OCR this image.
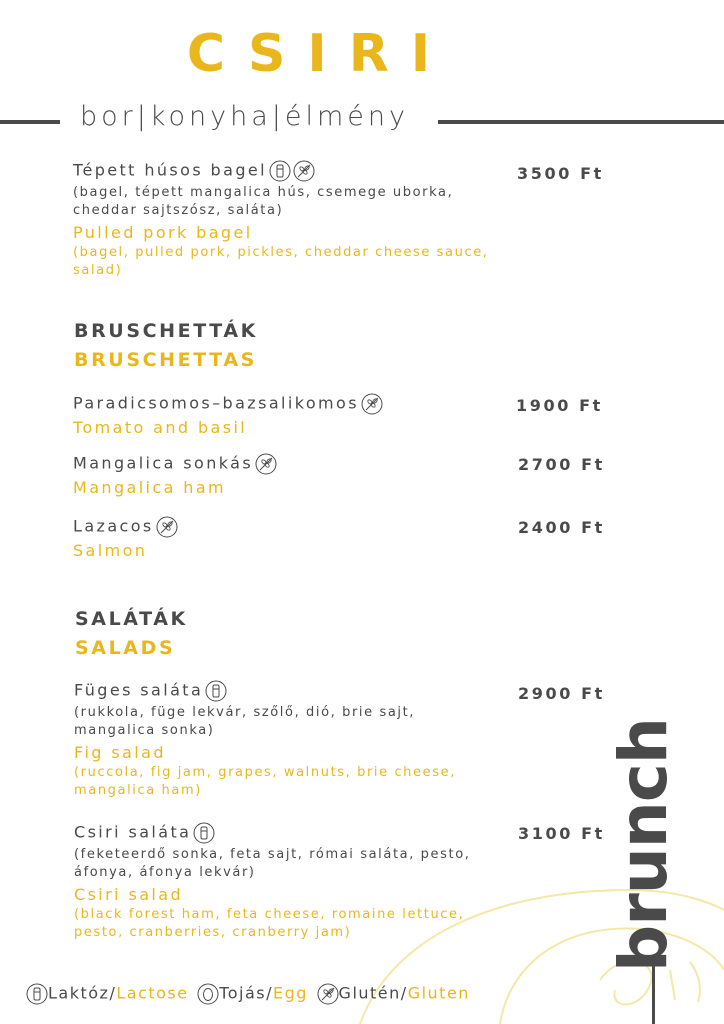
CSIRI
bor|konyha|élmény
Tépett húsos bagel
(bagel, tépett mangalica hús, csemege uborka, cheddar sajtszósz, saláta)
Pulled pork bagel
(bagel, pulled pork, pickles, cheddar cheese sauce, salad)
3500 Ft
BRUSCHETTÁK
BRUSCHETTAS
Paradicsomos–bazsalikomos
Tomato and basil
1900 Ft
Mangalica sonkás
Mangalica ham
2700 Ft
Lazacos
Salmon
2400 Ft
SALÁTÁK
SALADS
Füges saláta
(rukkola, füge lekvár, szőlő, dió, brie sajt, mangalica sonka)
Fig salad
(ruccola, fig jam, grapes, walnuts, brie cheese, mangalica ham)
2900 Ft
Csiri saláta
(feketeerdő sonka, feta sajt, római saláta, pesto, áfonya, áfonya lekvár)
Csiri salad
(black forest ham, feta cheese, romaine lettuce, pesto, cranberries, cranberry jam)
3100 Ft brunch
Laktóz/Lactose Tojás/Egg Glutén/Gluten
